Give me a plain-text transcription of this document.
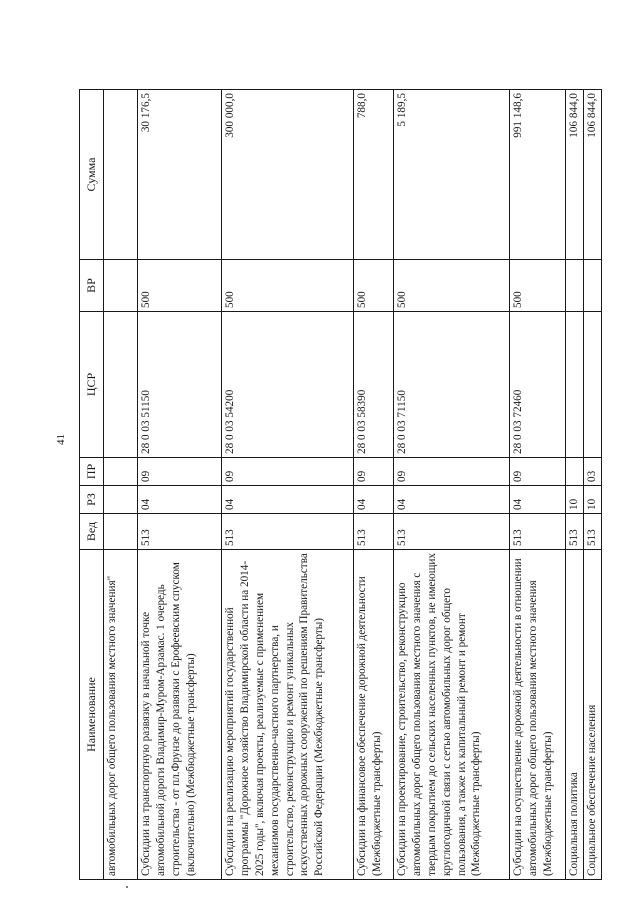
41
Наименование	Вед	РЗ	ПР	ЦСР	ВР	Сумма
автомобильных дорог общего пользования местного значения"						
Субсидии на транспортную развязку в начальной точке автомобильной дороги Владимир-Муром-Арзамас. 1 очередь строительства - от пл.Фрунзе до развязки с Ерофеевским спуском (включительно) (Межбюджетные трансферты)	513	04	09	28 0 03 51150	500	30 176,5
Субсидии на реализацию мероприятий государственной программы "Дорожное хозяйство Владимирской области на 2014-2025 годы", включая проекты, реализуемые с применением механизмов государственно-частного партнерства, и строительство, реконструкцию и ремонт уникальных искусственных дорожных сооружений по решениям Правительства Российской Федерации (Межбюджетные трансферты)	513	04	09	28 0 03 54200	500	300 000,0
Субсидии на финансовое обеспечение дорожной деятельности (Межбюджетные трансферты)	513	04	09	28 0 03 58390	500	788,0
Субсидии на проектирование, строительство, реконструкцию автомобильных дорог общего пользования местного значения с твердым покрытием до сельских населенных пунктов, не имеющих круглогодичной связи с сетью автомобильных дорог общего пользования, а также их капитальный ремонт и ремонт (Межбюджетные трансферты)	513	04	09	28 0 03 71150	500	5 189,5
Субсидии на осуществление дорожной деятельности в отношении автомобильных дорог общего пользования местного значения (Межбюджетные трансферты)	513	04	09	28 0 03 72460	500	991 148,6
Социальная политика	513	10				106 844,0
Социальное обеспечение населения	513	10	03			106 844,0
